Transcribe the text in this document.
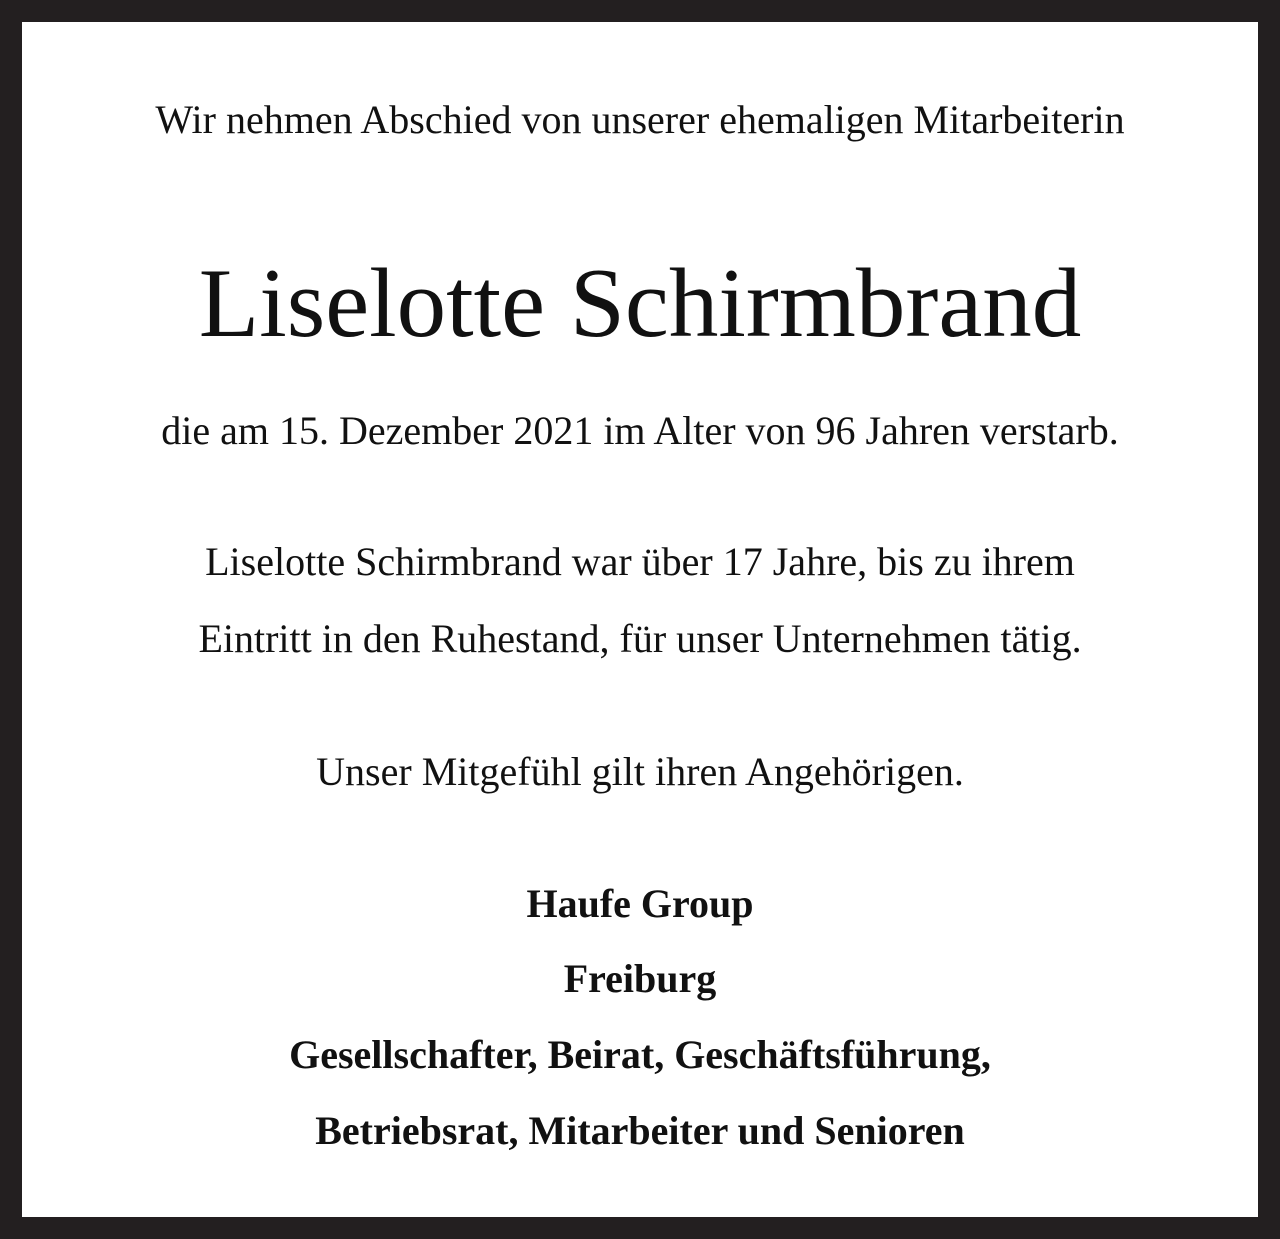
Wir nehmen Abschied von unserer ehemaligen Mitarbeiterin

Liselotte Schirmbrand

die am 15. Dezember 2021 im Alter von 96 Jahren verstarb.

Liselotte Schirmbrand war über 17 Jahre, bis zu ihrem

Eintritt in den Ruhestand, für unser Unternehmen tätig.

Unser Mitgefühl gilt ihren Angehörigen.

Haufe Group

Freiburg

Gesellschafter, Beirat, Geschäftsführung,

Betriebsrat, Mitarbeiter und Senioren
